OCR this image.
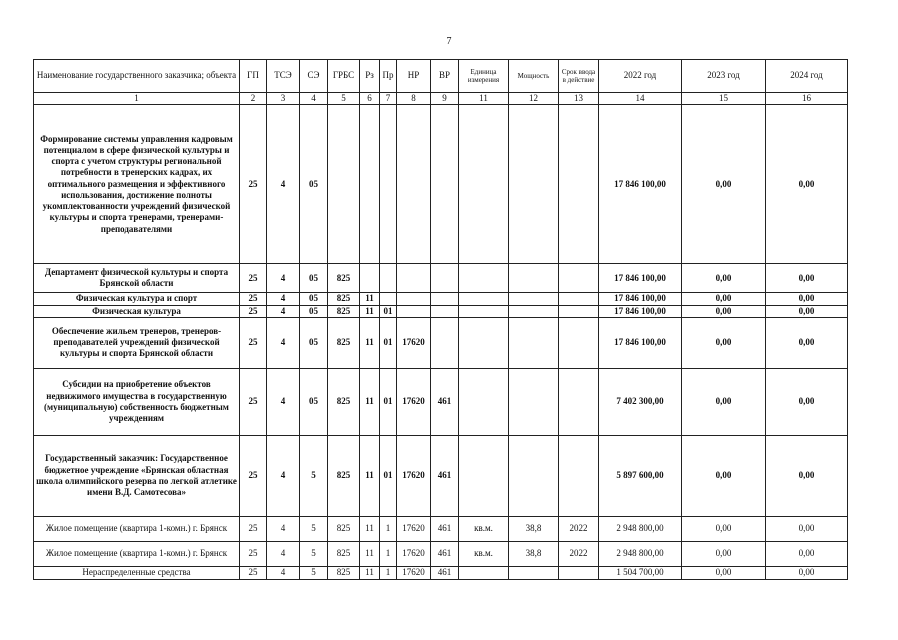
7
Наименование государственного заказчика; объекта	ГП	ТСЭ	СЭ	ГРБС	Рз	Пр	НР	ВР	Единица измерения	Мощность	Срок ввода в действие	2022 год	2023 год	2024 год
1	2	3	4	5	6	7	8	9	11	12	13	14	15	16
Формирование системы управления кадровым потенциалом в сфере физической культуры и спорта с учетом структуры региональной потребности в тренерских кадрах, их оптимального размещения и эффективного использования, достижение полноты укомплектованности учреждений физической культуры и спорта тренерами, тренерами-преподавателями	25	4	05									17 846 100,00	0,00	0,00
Департамент физической культуры и спорта Брянской области	25	4	05	825								17 846 100,00	0,00	0,00
Физическая культура и спорт	25	4	05	825	11							17 846 100,00	0,00	0,00
Физическая культура	25	4	05	825	11	01						17 846 100,00	0,00	0,00
Обеспечение жильем тренеров, тренеров-преподавателей учреждений физической культуры и спорта Брянской области	25	4	05	825	11	01	17620					17 846 100,00	0,00	0,00
Субсидии на приобретение объектов недвижимого имущества в государственную (муниципальную) собственность бюджетным учреждениям	25	4	05	825	11	01	17620	461				7 402 300,00	0,00	0,00
Государственный заказчик: Государственное бюджетное учреждение «Брянская областная школа олимпийского резерва по легкой атлетике имени В.Д. Самотесова»	25	4	5	825	11	01	17620	461				5 897 600,00	0,00	0,00
Жилое помещение (квартира 1-комн.) г. Брянск	25	4	5	825	11	1	17620	461	кв.м.	38,8	2022	2 948 800,00	0,00	0,00
Жилое помещение (квартира 1-комн.) г. Брянск	25	4	5	825	11	1	17620	461	кв.м.	38,8	2022	2 948 800,00	0,00	0,00
Нераспределенные средства	25	4	5	825	11	1	17620	461				1 504 700,00	0,00	0,00
